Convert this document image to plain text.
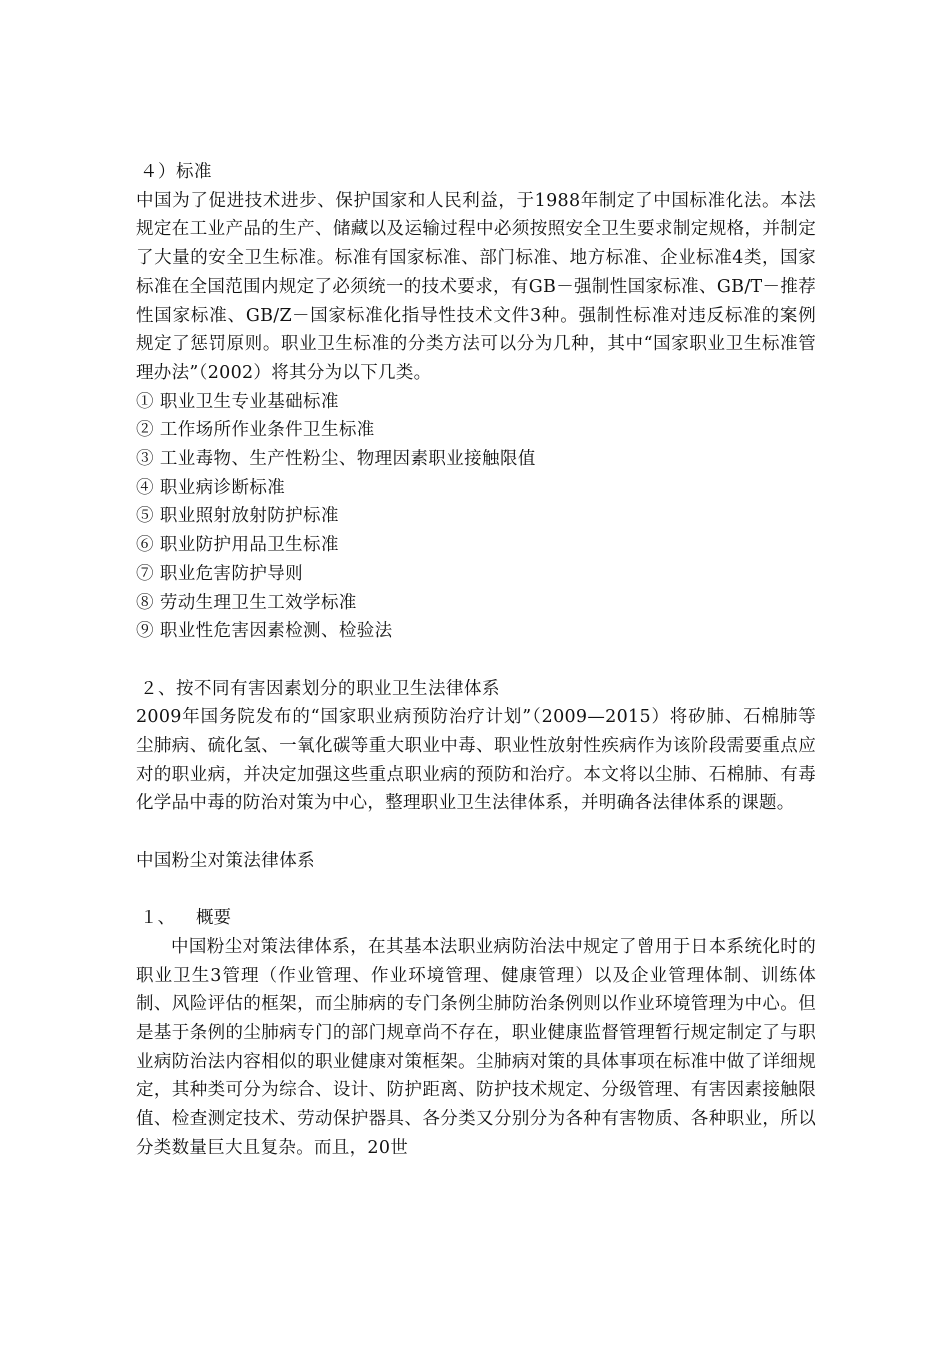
４）标准

中国为了促进技术进步、保护国家和人民利益，于1988年制定了中国标准化法。本法规定在工业产品的生产、储藏以及运输过程中必须按照安全卫生要求制定规格，并制定了大量的安全卫生标准。标准有国家标准、部门标准、地方标准、企业标准4类，国家标准在全国范围内规定了必须统一的技术要求，有GB－强制性国家标准、GB/T－推荐性国家标准、GB/Z－国家标准化指导性技术文件3种。强制性标准对违反标准的案例规定了惩罚原则。职业卫生标准的分类方法可以分为几种，其中“国家职业卫生标准管理办法”（2002）将其分为以下几类。

① 职业卫生专业基础标准
② 工作场所作业条件卫生标准
③ 工业毒物、生产性粉尘、物理因素职业接触限值
④ 职业病诊断标准
⑤ 职业照射放射防护标准
⑥ 职业防护用品卫生标准
⑦ 职业危害防护导则
⑧ 劳动生理卫生工效学标准
⑨ 职业性危害因素检测、检验法

２、按不同有害因素划分的职业卫生法律体系

2009年国务院发布的“国家职业病预防治疗计划”（2009—2015）将矽肺、石棉肺等尘肺病、硫化氢、一氧化碳等重大职业中毒、职业性放射性疾病作为该阶段需要重点应对的职业病，并决定加强这些重点职业病的预防和治疗。本文将以尘肺、石棉肺、有毒化学品中毒的防治对策为中心，整理职业卫生法律体系，并明确各法律体系的课题。

中国粉尘对策法律体系

１、 概要

中国粉尘对策法律体系，在其基本法职业病防治法中规定了曾用于日本系统化时的职业卫生3管理（作业管理、作业环境管理、健康管理）以及企业管理体制、训练体制、风险评估的框架，而尘肺病的专门条例尘肺防治条例则以作业环境管理为中心。但是基于条例的尘肺病专门的部门规章尚不存在，职业健康监督管理暂行规定制定了与职业病防治法内容相似的职业健康对策框架。尘肺病对策的具体事项在标准中做了详细规定，其种类可分为综合、设计、防护距离、防护技术规定、分级管理、有害因素接触限值、检查测定技术、劳动保护器具、各分类又分别分为各种有害物质、各种职业，所以分类数量巨大且复杂。而且，20世
